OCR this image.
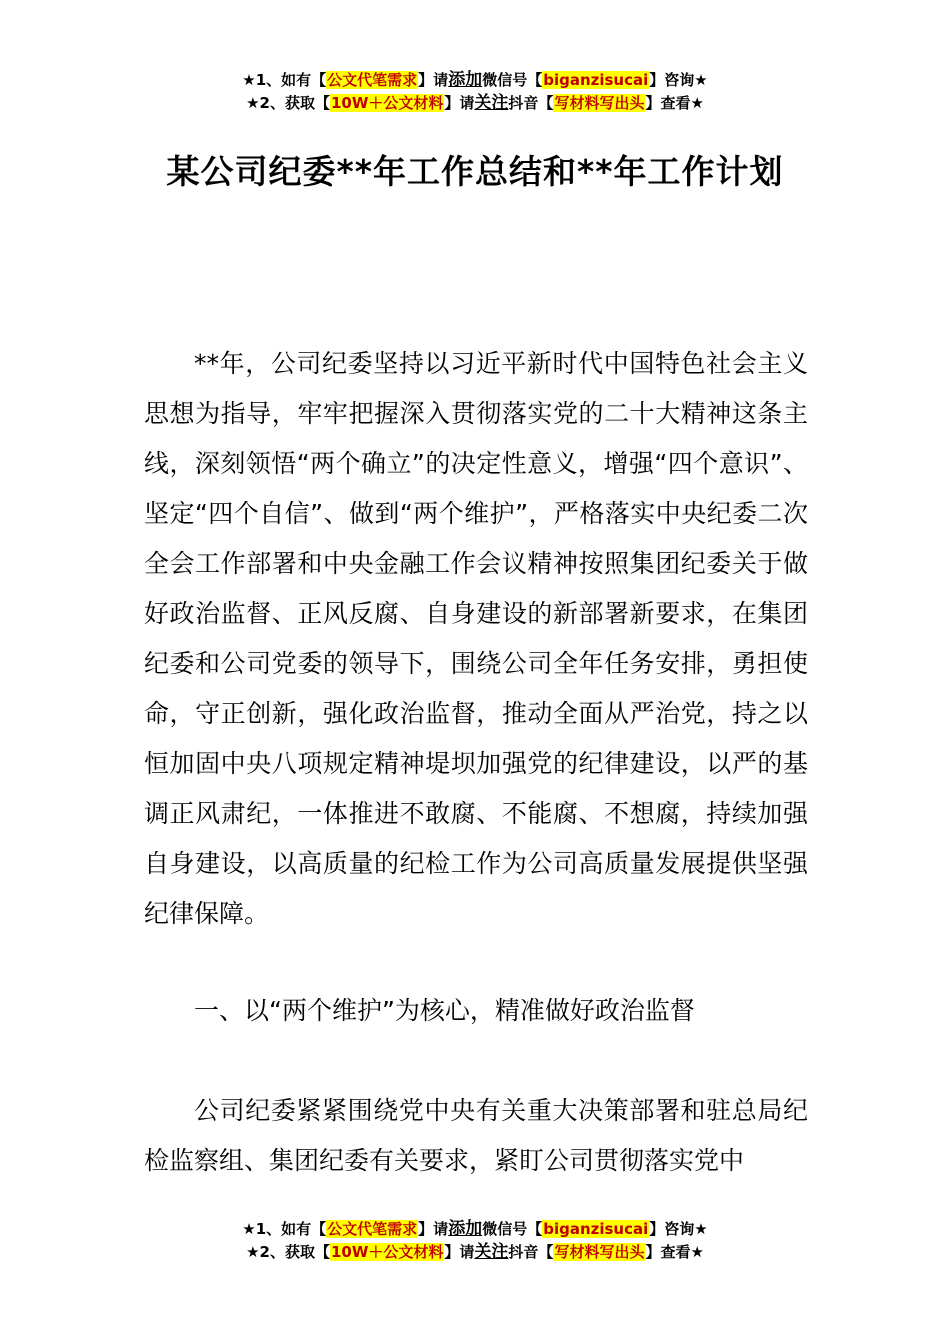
★1、如有【公文代笔需求】请添加微信号【biganzisucai】咨询★
★2、获取【10W＋公文材料】请关注抖音【写材料写出头】查看★
某公司纪委**年工作总结和**年工作计划

**年，公司纪委坚持以习近平新时代中国特色社会主义思想为指导，牢牢把握深入贯彻落实党的二十大精神这条主线，深刻领悟“两个确立”的决定性意义，增强“四个意识”、坚定“四个自信”、做到“两个维护”，严格落实中央纪委二次全会工作部署和中央金融工作会议精神按照集团纪委关于做好政治监督、正风反腐、自身建设的新部署新要求，在集团纪委和公司党委的领导下，围绕公司全年任务安排，勇担使命，守正创新，强化政治监督，推动全面从严治党，持之以恒加固中央八项规定精神堤坝加强党的纪律建设，以严的基调正风肃纪，一体推进不敢腐、不能腐、不想腐，持续加强自身建设，以高质量的纪检工作为公司高质量发展提供坚强纪律保障。

一、以“两个维护”为核心，精准做好政治监督

公司纪委紧紧围绕党中央有关重大决策部署和驻总局纪检监察组、集团纪委有关要求，紧盯公司贯彻落实党中

★1、如有【公文代笔需求】请添加微信号【biganzisucai】咨询★
★2、获取【10W＋公文材料】请关注抖音【写材料写出头】查看★
